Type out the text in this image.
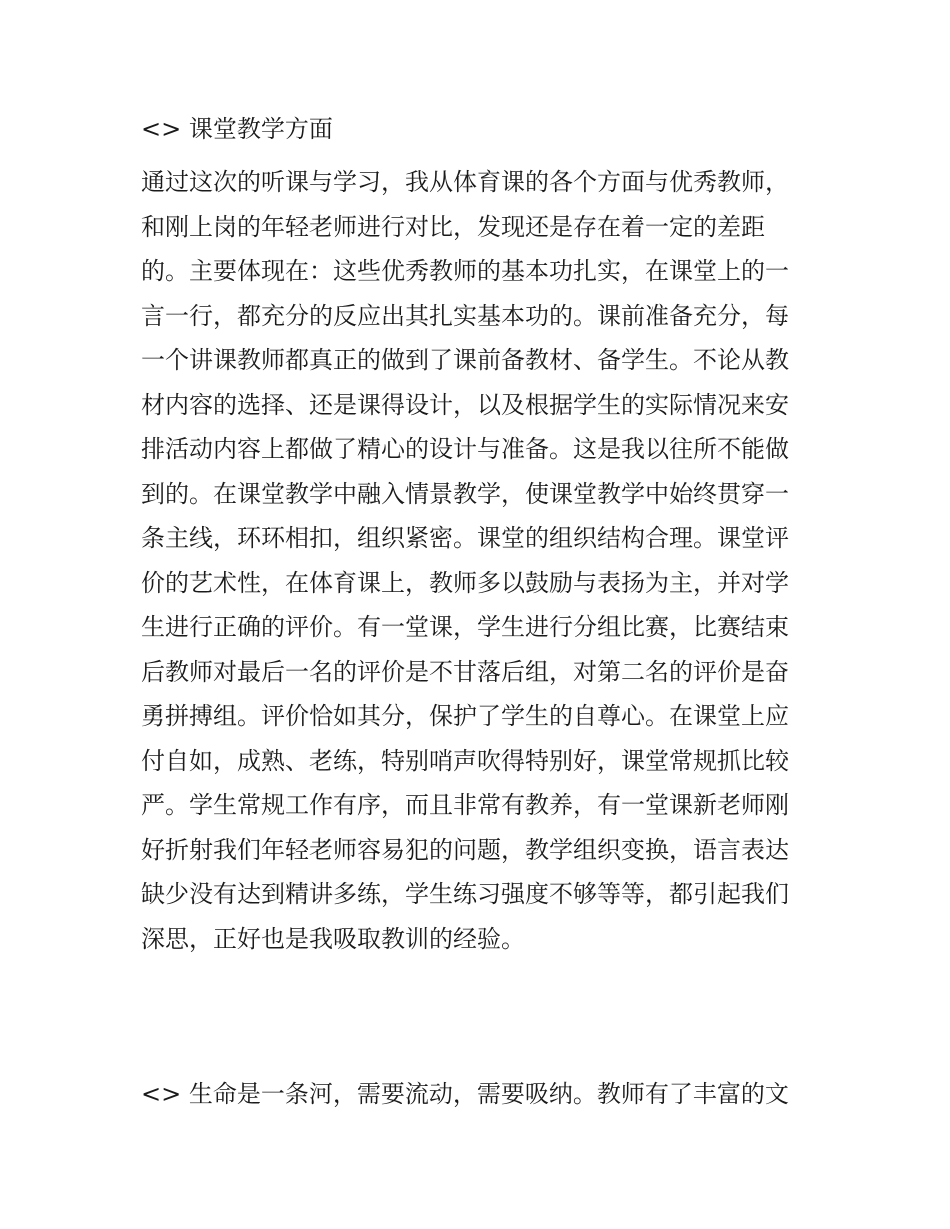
<> 课堂教学方面
通过这次的听课与学习，我从体育课的各个方面与优秀教师，
和刚上岗的年轻老师进行对比，发现还是存在着一定的差距
的。主要体现在：这些优秀教师的基本功扎实，在课堂上的一
言一行，都充分的反应出其扎实基本功的。课前准备充分，每
一个讲课教师都真正的做到了课前备教材、备学生。不论从教
材内容的选择、还是课得设计，以及根据学生的实际情况来安
排活动内容上都做了精心的设计与准备。这是我以往所不能做
到的。在课堂教学中融入情景教学，使课堂教学中始终贯穿一
条主线，环环相扣，组织紧密。课堂的组织结构合理。课堂评
价的艺术性，在体育课上，教师多以鼓励与表扬为主，并对学
生进行正确的评价。有一堂课，学生进行分组比赛，比赛结束
后教师对最后一名的评价是不甘落后组，对第二名的评价是奋
勇拼搏组。评价恰如其分，保护了学生的自尊心。在课堂上应
付自如，成熟、老练，特别哨声吹得特别好，课堂常规抓比较
严。学生常规工作有序，而且非常有教养，有一堂课新老师刚
好折射我们年轻老师容易犯的问题，教学组织变换，语言表达
缺少没有达到精讲多练，学生练习强度不够等等，都引起我们
深思，正好也是我吸取教训的经验。
<> 生命是一条河，需要流动，需要吸纳。教师有了丰富的文
